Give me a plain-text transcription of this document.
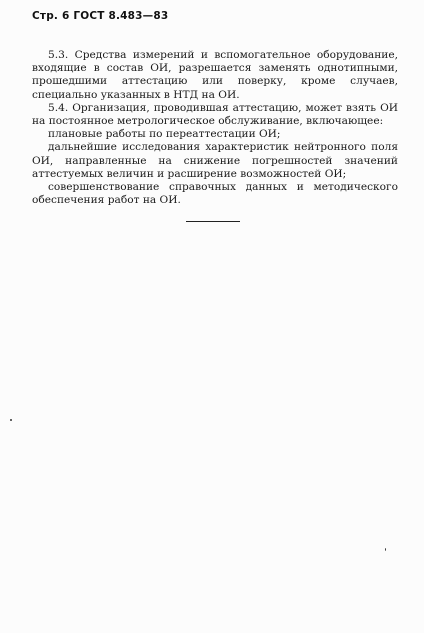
Стр. 6 ГОСТ 8.483—83

5.3. Средства измерений и вспомогательное оборудование, входящие в состав ОИ, разрешается заменять однотипными, прошедшими аттестацию или поверку, кроме случаев, специально указанных в НТД на ОИ.

5.4. Организация, проводившая аттестацию, может взять ОИ на постоянное метрологическое обслуживание, включающее:

плановые работы по переаттестации ОИ;

дальнейшие исследования характеристик нейтронного поля ОИ, направленные на снижение погрешностей значений аттестуемых величин и расширение возможностей ОИ;

совершенствование справочных данных и методического обеспечения работ на ОИ.
